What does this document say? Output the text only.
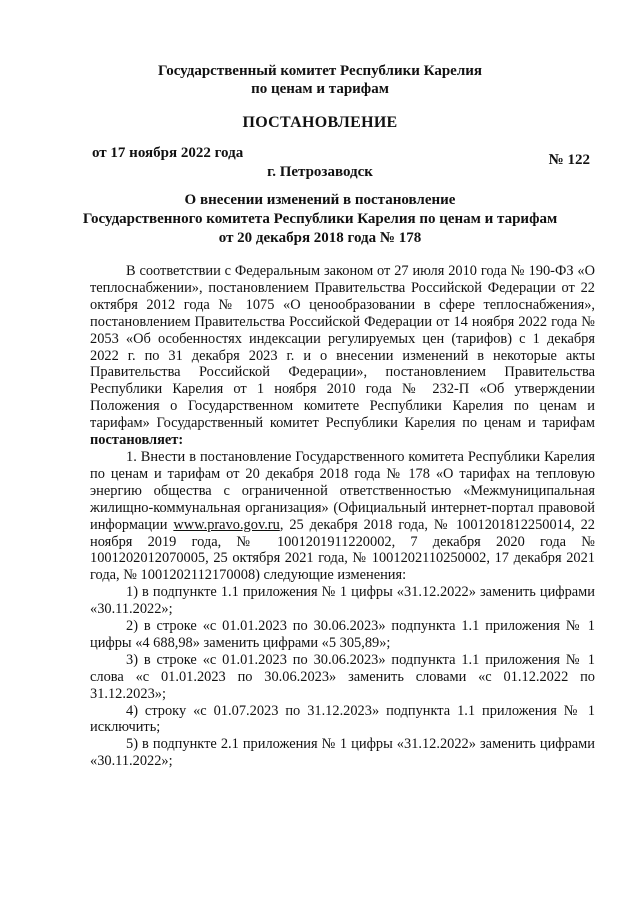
Государственный комитет Республики Карелия
по ценам и тарифам
ПОСТАНОВЛЕНИЕ
от 17 ноября 2022 года	№ 122
г. Петрозаводск
О внесении изменений в постановление
Государственного комитета Республики Карелия по ценам и тарифам
от 20 декабря 2018 года № 178

В соответствии с Федеральным законом от 27 июля 2010 года № 190-ФЗ «О теплоснабжении», постановлением Правительства Российской Федерации от 22 октября 2012 года № 1075 «О ценообразовании в сфере теплоснабжения», постановлением Правительства Российской Федерации от 14 ноября 2022 года № 2053 «Об особенностях индексации регулируемых цен (тарифов) с 1 декабря 2022 г. по 31 декабря 2023 г. и о внесении изменений в некоторые акты Правительства Российской Федерации», постановлением Правительства Республики Карелия от 1 ноября 2010 года № 232-П «Об утверждении Положения о Государственном комитете Республики Карелия по ценам и тарифам» Государственный комитет Республики Карелия по ценам и тарифам постановляет:

1. Внести в постановление Государственного комитета Республики Карелия по ценам и тарифам от 20 декабря 2018 года № 178 «О тарифах на тепловую энергию общества с ограниченной ответственностью «Межмуниципальная жилищно-коммунальная организация» (Официальный интернет-портал правовой информации www.pravo.gov.ru, 25 декабря 2018 года, № 1001201812250014, 22 ноября 2019 года, № 1001201911220002, 7 декабря 2020 года № 1001202012070005, 25 октября 2021 года, № 1001202110250002, 17 декабря 2021 года, № 1001202112170008) следующие изменения:

1) в подпункте 1.1 приложения № 1 цифры «31.12.2022» заменить цифрами «30.11.2022»;

2) в строке «с 01.01.2023 по 30.06.2023» подпункта 1.1 приложения № 1 цифры «4 688,98» заменить цифрами «5 305,89»;

3) в строке «с 01.01.2023 по 30.06.2023» подпункта 1.1 приложения № 1 слова «с 01.01.2023 по 30.06.2023» заменить словами «с 01.12.2022 по 31.12.2023»;

4) строку «с 01.07.2023 по 31.12.2023» подпункта 1.1 приложения № 1 исключить;

5) в подпункте 2.1 приложения № 1 цифры «31.12.2022» заменить цифрами «30.11.2022»;
